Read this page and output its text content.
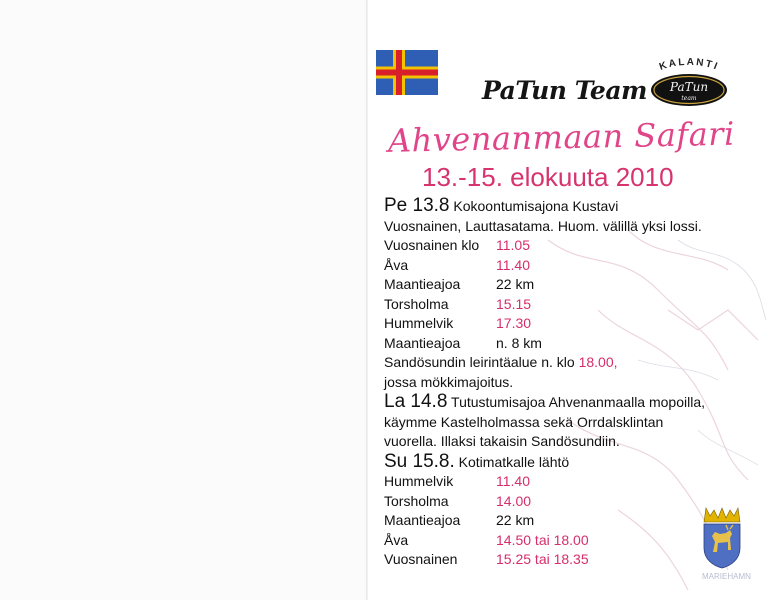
PaTun Team
KALANTI
PaTun
team
Ahvenanmaan Safari
13.-15. elokuuta 2010
Pe 13.8 Kokoontumisajona Kustavi
Vuosnainen, Lauttasatama. Huom. välillä yksi lossi.
Vuosnainen klo	11.05
Åva	11.40
Maantieajoa	22 km
Torsholma	15.15
Hummelvik	17.30
Maantieajoa	n. 8 km
Sandösundin leirintäalue n. klo 18.00,
jossa mökkimajoitus.
La 14.8 Tutustumisajoa Ahvenanmaalla mopoilla,
käymme Kastelholmassa sekä Orrdalsklintan
vuorella. Illaksi takaisin Sandösundiin.
Su 15.8. Kotimatkalle lähtö
Hummelvik	11.40
Torsholma	14.00
Maantieajoa	22 km
Åva	14.50 tai 18.00
Vuosnainen	15.25 tai 18.35
MARIEHAMN
